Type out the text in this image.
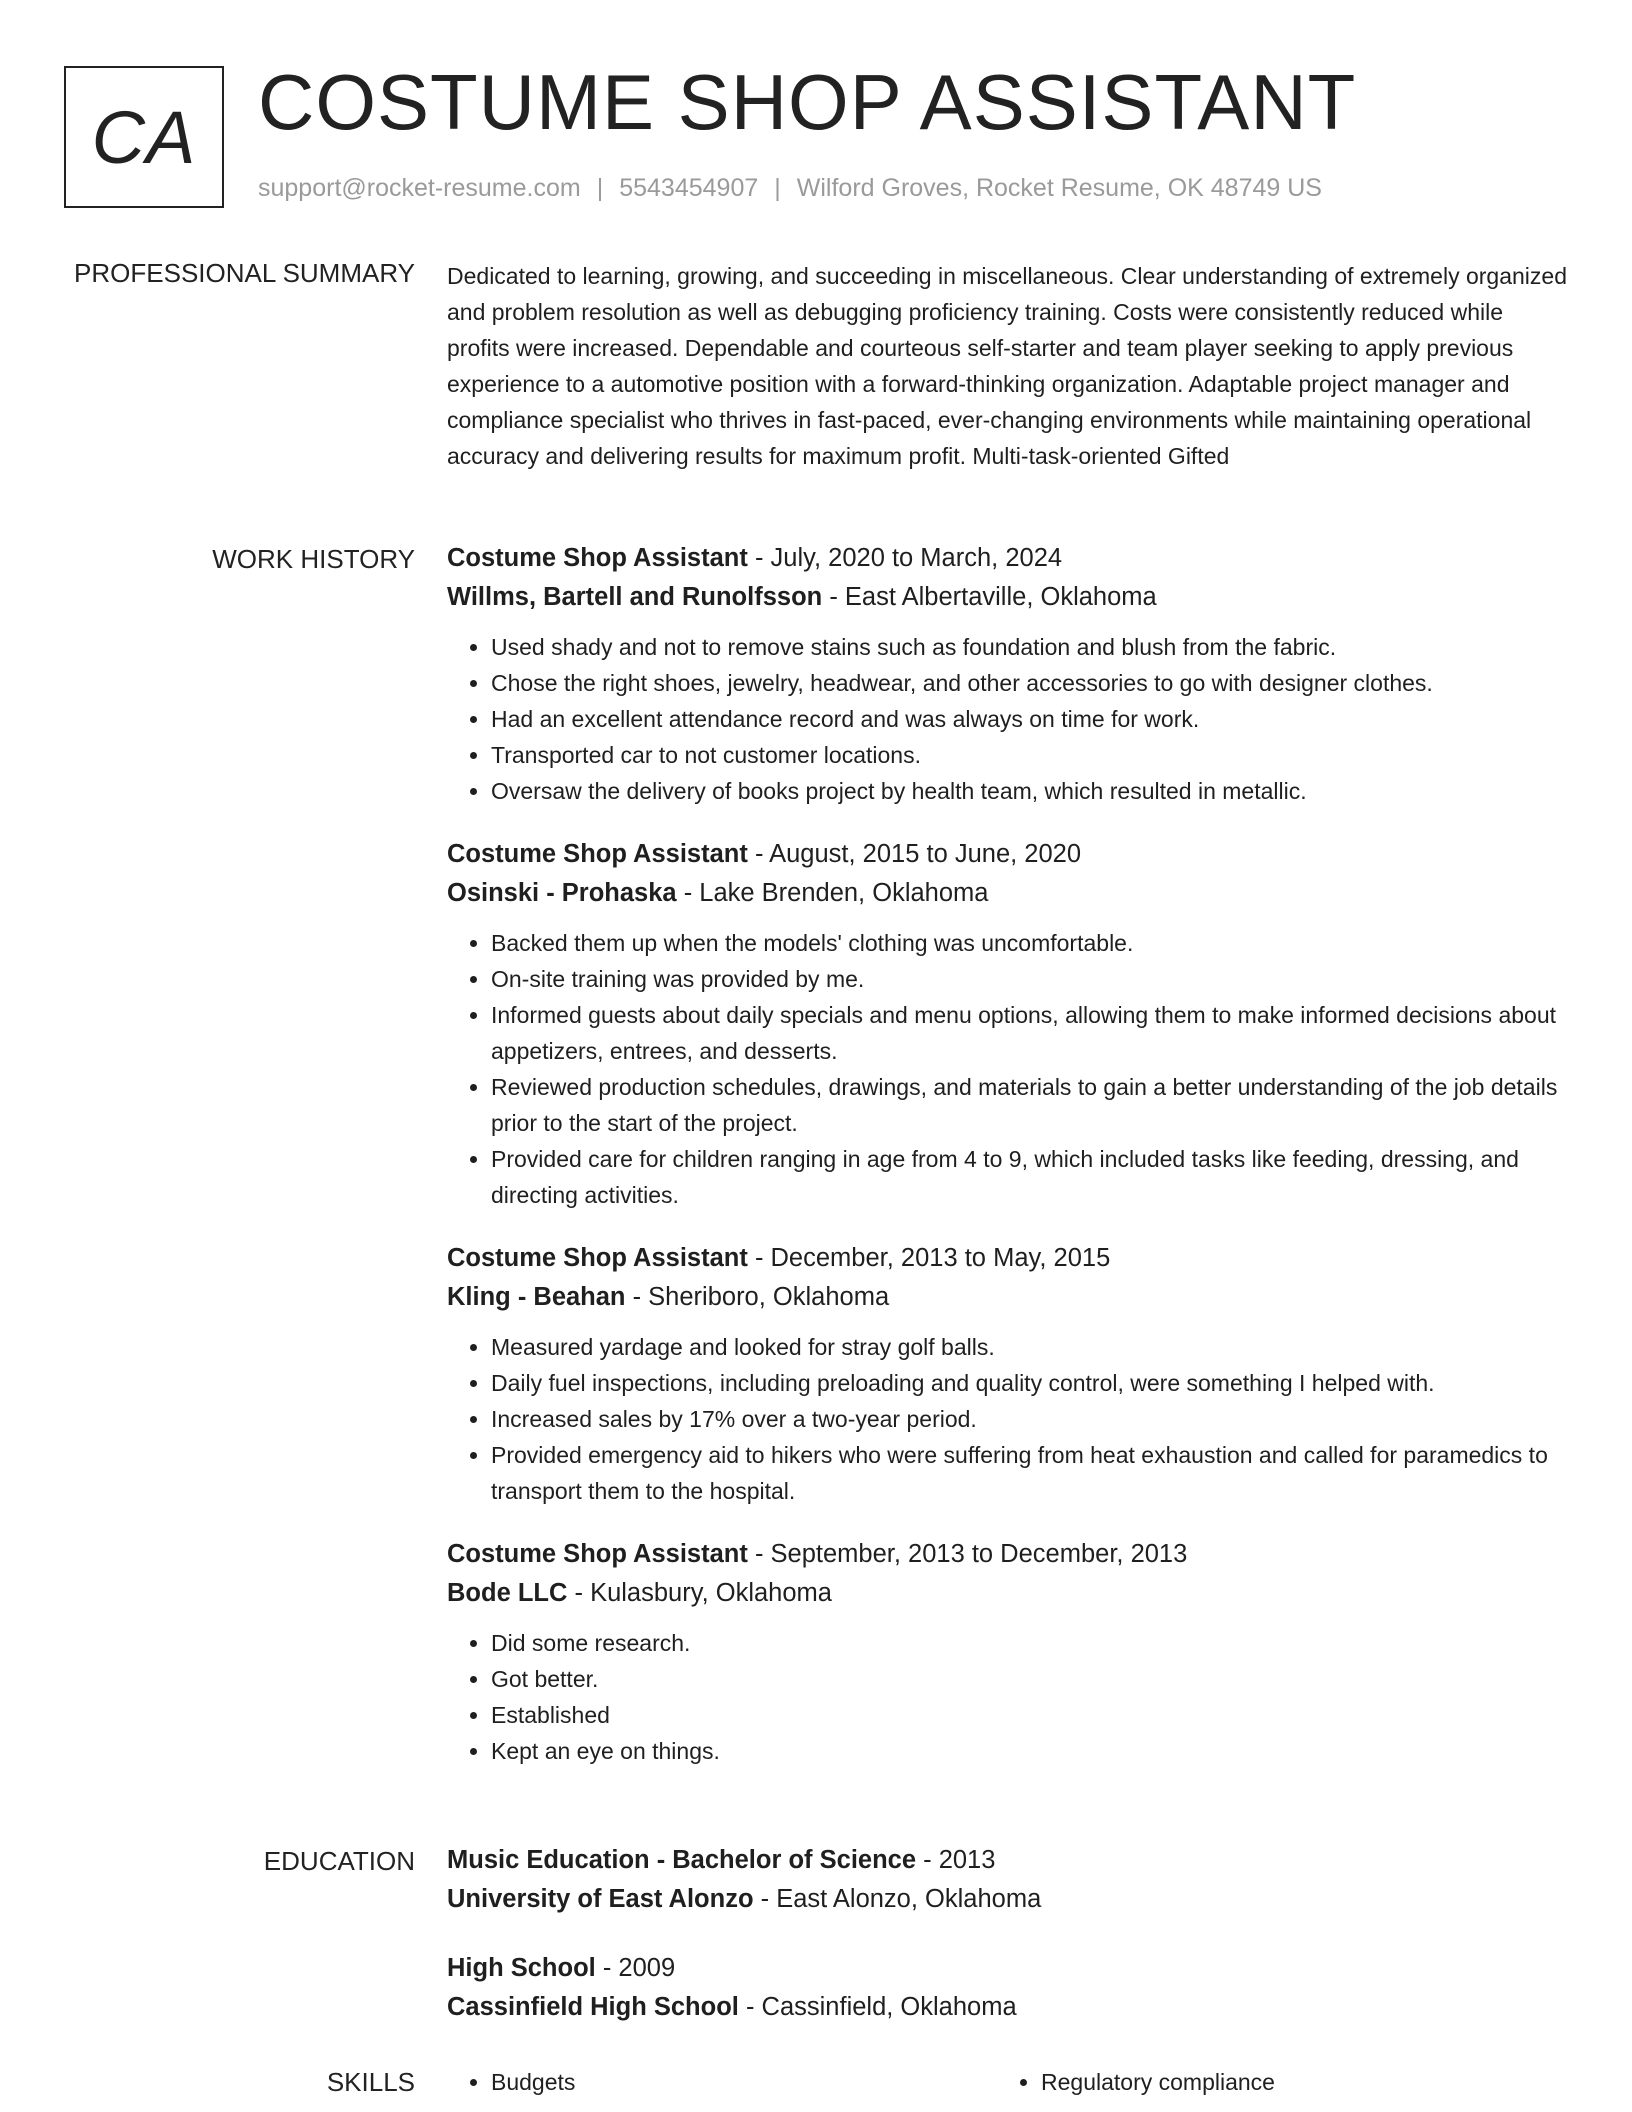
CA COSTUME SHOP ASSISTANT
support@rocket-resume.com | 5543454907 | Wilford Groves, Rocket Resume, OK 48749 US
PROFESSIONAL SUMMARY Dedicated to learning, growing, and succeeding in miscellaneous. Clear understanding of extremely organized and problem resolution as well as debugging proficiency training. Costs were consistently reduced while profits were increased. Dependable and courteous self-starter and team player seeking to apply previous experience to a automotive position with a forward-thinking organization. Adaptable project manager and compliance specialist who thrives in fast-paced, ever-changing environments while maintaining operational accuracy and delivering results for maximum profit. Multi-task-oriented Gifted

WORK HISTORY Costume Shop Assistant - July, 2020 to March, 2024
Willms, Bartell and Runolfsson - East Albertaville, Oklahoma
• Used shady and not to remove stains such as foundation and blush from the fabric.
• Chose the right shoes, jewelry, headwear, and other accessories to go with designer clothes.
• Had an excellent attendance record and was always on time for work.
• Transported car to not customer locations.
• Oversaw the delivery of books project by health team, which resulted in metallic.
Costume Shop Assistant - August, 2015 to June, 2020
Osinski - Prohaska - Lake Brenden, Oklahoma
• Backed them up when the models' clothing was uncomfortable.
• On-site training was provided by me.
• Informed guests about daily specials and menu options, allowing them to make informed decisions about appetizers, entrees, and desserts.
• Reviewed production schedules, drawings, and materials to gain a better understanding of the job details prior to the start of the project.
• Provided care for children ranging in age from 4 to 9, which included tasks like feeding, dressing, and directing activities.
Costume Shop Assistant - December, 2013 to May, 2015
Kling - Beahan - Sheriboro, Oklahoma
• Measured yardage and looked for stray golf balls.
• Daily fuel inspections, including preloading and quality control, were something I helped with.
• Increased sales by 17% over a two-year period.
• Provided emergency aid to hikers who were suffering from heat exhaustion and called for paramedics to transport them to the hospital.
Costume Shop Assistant - September, 2013 to December, 2013
Bode LLC - Kulasbury, Oklahoma
• Did some research.
• Got better.
• Established
• Kept an eye on things.
EDUCATION Music Education - Bachelor of Science - 2013
University of East Alonzo - East Alonzo, Oklahoma
High School - 2009
Cassinfield High School - Cassinfield, Oklahoma
SKILLS	• Budgets	• Regulatory compliance
